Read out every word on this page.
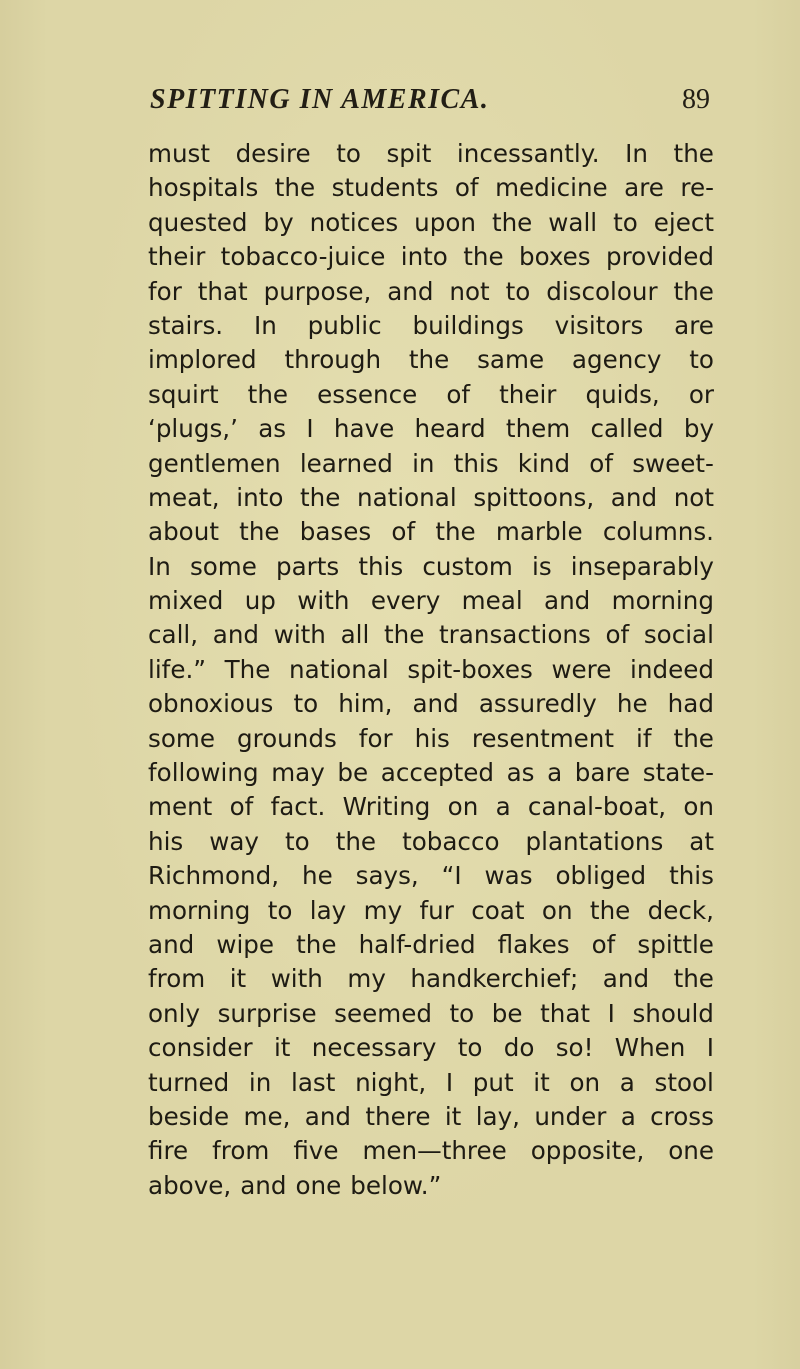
SPITTING IN AMERICA.	89
must desire to spit incessantly. In the
hospitals the students of medicine are re-
quested by notices upon the wall to eject
their tobacco-juice into the boxes provided
for that purpose, and not to discolour the
stairs. In public buildings visitors are
implored through the same agency to
squirt the essence of their quids, or
‘plugs,’ as I have heard them called by
gentlemen learned in this kind of sweet-
meat, into the national spittoons, and not
about the bases of the marble columns.
In some parts this custom is inseparably
mixed up with every meal and morning
call, and with all the transactions of social
life.” The national spit-boxes were indeed
obnoxious to him, and assuredly he had
some grounds for his resentment if the
following may be accepted as a bare state-
ment of fact. Writing on a canal-boat, on
his way to the tobacco plantations at
Richmond, he says, “I was obliged this
morning to lay my fur coat on the deck,
and wipe the half-dried flakes of spittle
from it with my handkerchief; and the
only surprise seemed to be that I should
consider it necessary to do so! When I
turned in last night, I put it on a stool
beside me, and there it lay, under a cross
fire from five men—three opposite, one
above, and one below.”
